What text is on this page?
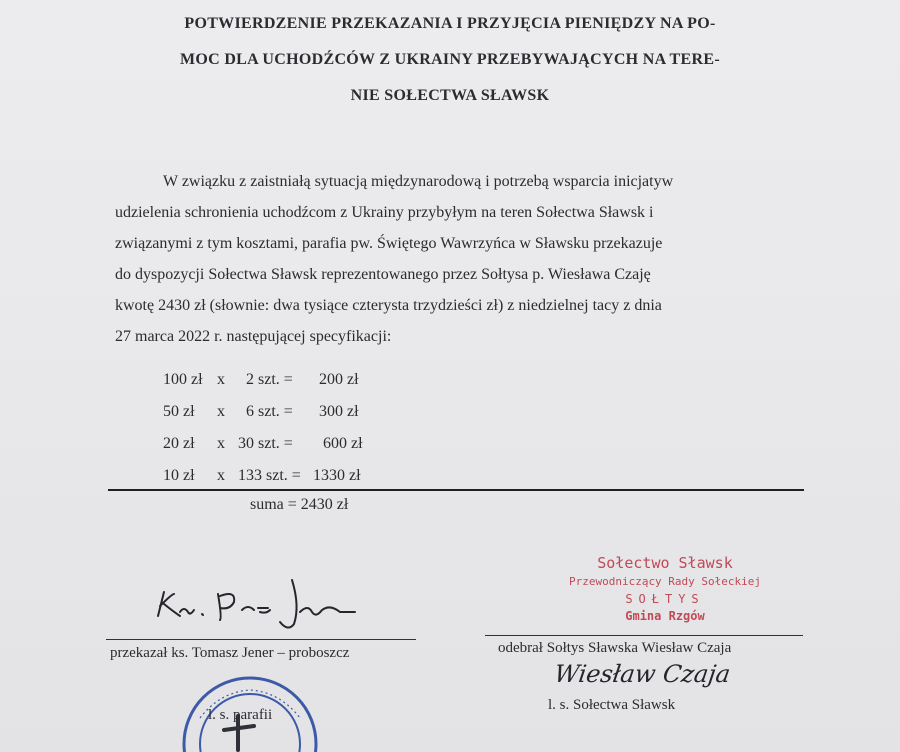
POTWIERDZENIE PRZEKAZANIA I PRZYJĘCIA PIENIĘDZY NA PO-
MOC DLA UCHODŹCÓW Z UKRAINY PRZEBYWAJĄCYCH NA TERE-
NIE SOŁECTWA SŁAWSK
W związku z zaistniałą sytuacją międzynarodową i potrzebą wsparcia inicjatyw
udzielenia schronienia uchodźcom z Ukrainy przybyłym na teren Sołectwa Sławsk i
związanymi z tym kosztami, parafia pw. Świętego Wawrzyńca w Sławsku przekazuje
do dyspozycji Sołectwa Sławsk reprezentowanego przez Sołtysa p. Wiesława Czaję
kwotę 2430 zł (słownie: dwa tysiące czterysta trzydzieści zł) z niedzielnej tacy z dnia
27 marca 2022 r. następującej specyfikacji:
100 zł x 2 szt. = 200 zł
50 zł x 6 szt. = 300 zł
20 zł x 30 szt. = 600 zł
10 zł x 133 szt. = 1330 zł
suma = 2430 zł
Sołectwo Sławsk
Przewodniczący Rady Sołeckiej
SOŁTYS
Gmina Rzgów
Wiesław Czaja
przekazał ks. Tomasz Jener – proboszcz	odebrał Sołtys Sławska Wiesław Czaja
l. s. parafii
l. s. Sołectwa Sławsk
